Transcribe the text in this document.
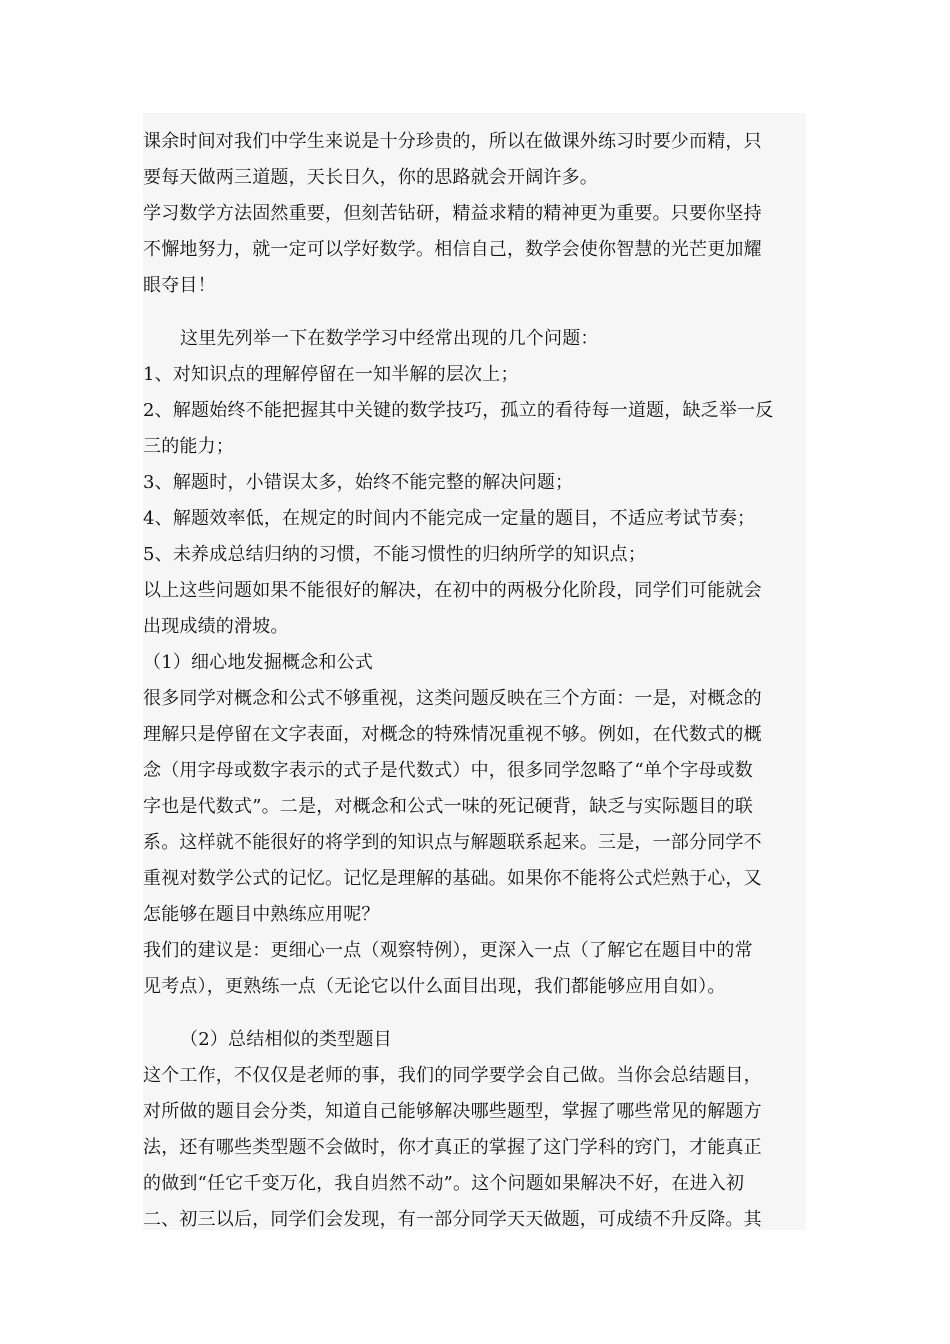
课余时间对我们中学生来说是十分珍贵的，所以在做课外练习时要少而精，只
要每天做两三道题，天长日久，你的思路就会开阔许多。
学习数学方法固然重要，但刻苦钻研，精益求精的精神更为重要。只要你坚持
不懈地努力，就一定可以学好数学。相信自己，数学会使你智慧的光芒更加耀
眼夺目！
这里先列举一下在数学学习中经常出现的几个问题：
1、对知识点的理解停留在一知半解的层次上；
2、解题始终不能把握其中关键的数学技巧，孤立的看待每一道题，缺乏举一反
三的能力；
3、解题时，小错误太多，始终不能完整的解决问题；
4、解题效率低，在规定的时间内不能完成一定量的题目，不适应考试节奏；
5、未养成总结归纳的习惯，不能习惯性的归纳所学的知识点；
以上这些问题如果不能很好的解决，在初中的两极分化阶段，同学们可能就会
出现成绩的滑坡。
（1）细心地发掘概念和公式
很多同学对概念和公式不够重视，这类问题反映在三个方面：一是，对概念的
理解只是停留在文字表面，对概念的特殊情况重视不够。例如，在代数式的概
念（用字母或数字表示的式子是代数式）中，很多同学忽略了“单个字母或数
字也是代数式”。二是，对概念和公式一味的死记硬背，缺乏与实际题目的联
系。这样就不能很好的将学到的知识点与解题联系起来。三是，一部分同学不
重视对数学公式的记忆。记忆是理解的基础。如果你不能将公式烂熟于心，又
怎能够在题目中熟练应用呢？
我们的建议是：更细心一点（观察特例），更深入一点（了解它在题目中的常
见考点），更熟练一点（无论它以什么面目出现，我们都能够应用自如）。
（2）总结相似的类型题目
这个工作，不仅仅是老师的事，我们的同学要学会自己做。当你会总结题目，
对所做的题目会分类，知道自己能够解决哪些题型，掌握了哪些常见的解题方
法，还有哪些类型题不会做时，你才真正的掌握了这门学科的窍门，才能真正
的做到“任它千变万化，我自岿然不动”。这个问题如果解决不好，在进入初
二、初三以后，同学们会发现，有一部分同学天天做题，可成绩不升反降。其
